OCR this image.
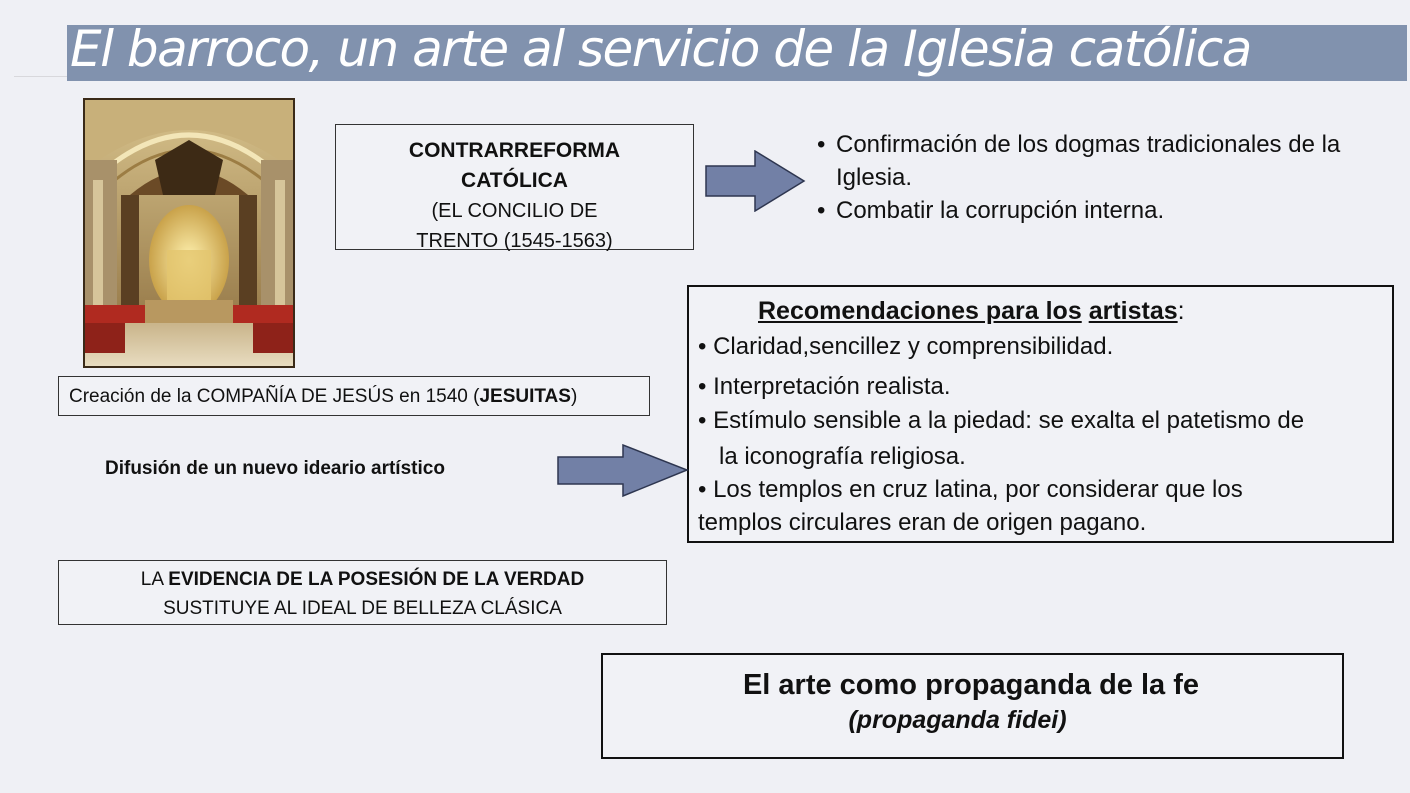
El barroco, un arte al servicio de la Iglesia católica
CONTRARREFORMA
CATÓLICA
(EL CONCILIO DE
TRENTO (1545-1563)
• Confirmación de los dogmas tradicionales de la Iglesia.
• Combatir la corrupción interna.
Recomendaciones para los artistas:
• Claridad,sencillez y comprensibilidad.
• Interpretación realista.
• Estímulo sensible a la piedad: se exalta el patetismo de
la iconografía religiosa.
• Los templos en cruz latina, por considerar que los
templos circulares eran de origen pagano.
Creación de la COMPAÑÍA DE JESÚS en 1540 (JESUITAS)
Difusión de un nuevo ideario artístico
LA EVIDENCIA DE LA POSESIÓN DE LA VERDAD
SUSTITUYE AL IDEAL DE BELLEZA CLÁSICA
El arte como propaganda de la fe
(propaganda fidei)
